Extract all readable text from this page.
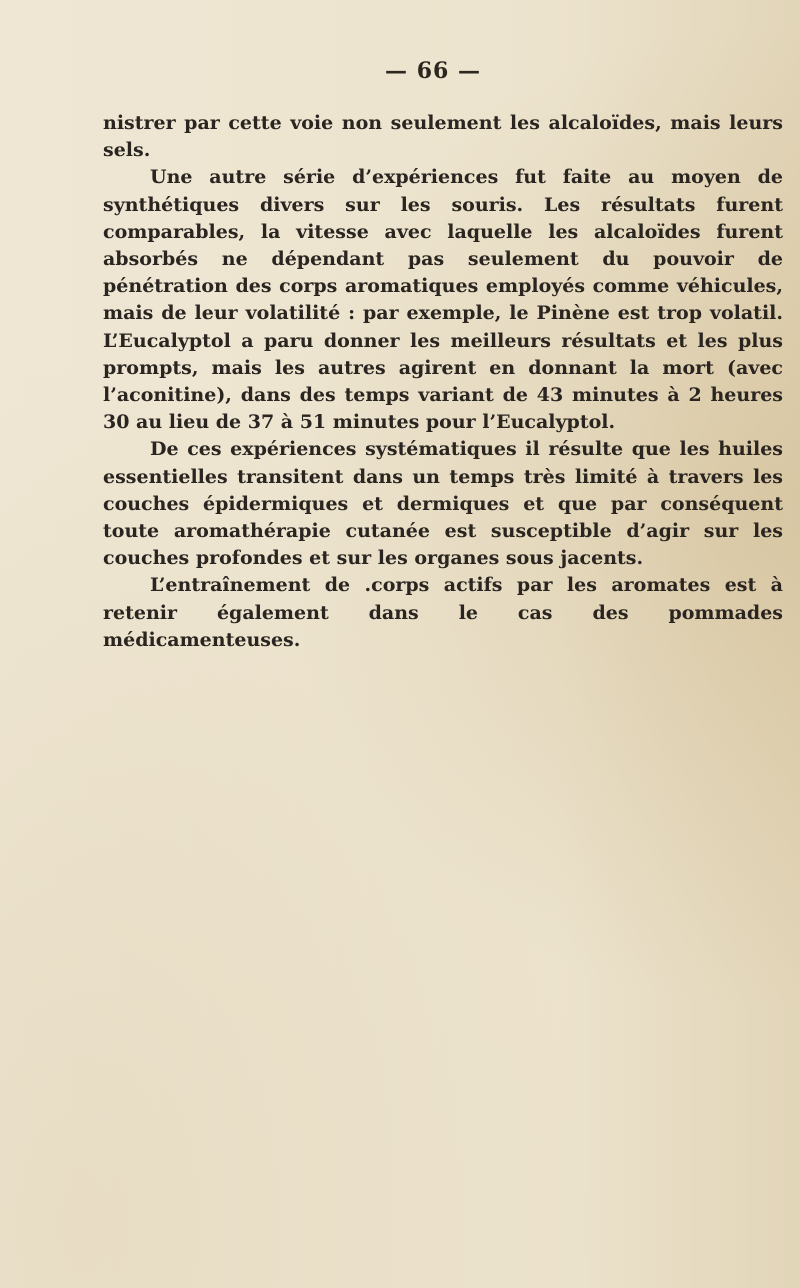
— 66 —

nistrer par cette voie non seulement les alcaloïdes, mais leurs sels.

Une autre série d’expériences fut faite au moyen de synthétiques divers sur les souris. Les résultats furent comparables, la vitesse avec laquelle les alcaloïdes furent absorbés ne dépendant pas seulement du pouvoir de pénétration des corps aromatiques employés comme véhicules, mais de leur volatilité : par exemple, le Pinène est trop volatil. L’Eucalyptol a paru donner les meilleurs résultats et les plus prompts, mais les autres agirent en donnant la mort (avec l’aconitine), dans des temps variant de 43 minutes à 2 heures 30 au lieu de 37 à 51 minutes pour l’Eucalyptol.

De ces expériences systématiques il résulte que les huiles essentielles transitent dans un temps très limité à travers les couches épidermiques et dermiques et que par conséquent toute aromathérapie cutanée est susceptible d’agir sur les couches profondes et sur les organes sous jacents.

L’entraînement de .corps actifs par les aromates est à retenir également dans le cas des pommades médicamenteuses.
